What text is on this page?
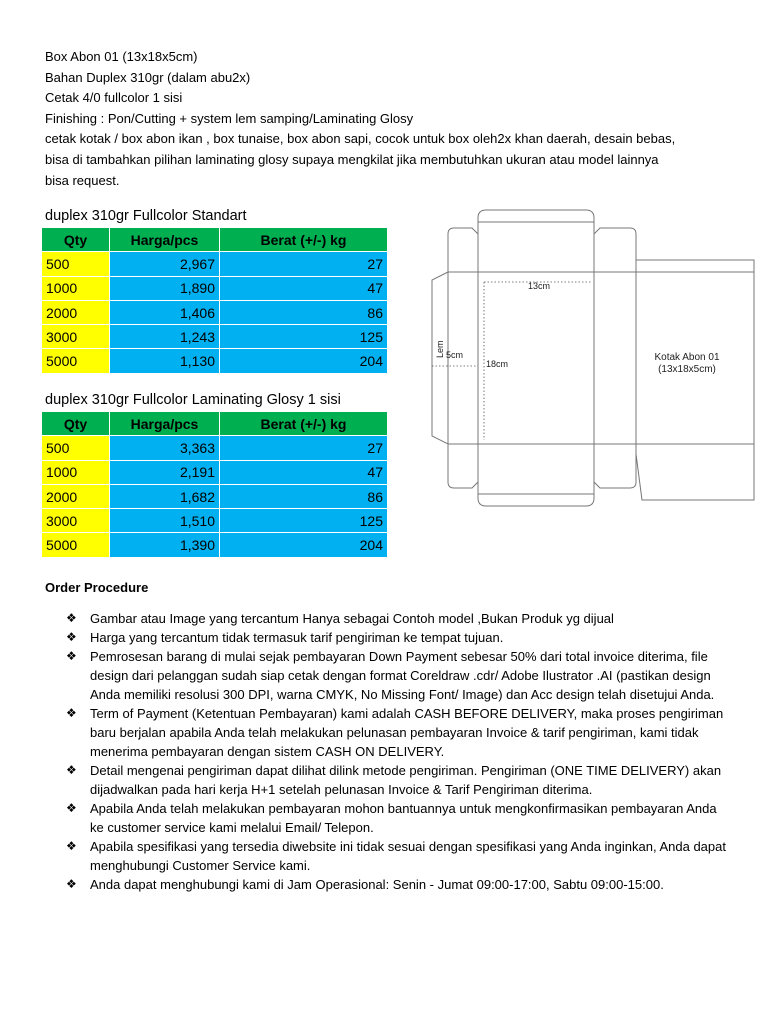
Box Abon 01 (13x18x5cm)

Bahan Duplex 310gr (dalam abu2x)

Cetak 4/0 fullcolor 1 sisi

Finishing : Pon/Cutting + system lem samping/Laminating Glosy

cetak kotak / box abon ikan , box tunaise, box abon sapi, cocok untuk box oleh2x khan daerah, desain bebas,

bisa di tambahkan pilihan laminating glosy supaya mengkilat jika membutuhkan ukuran atau model lainnya

bisa request.

duplex 310gr Fullcolor Standart
Qty	Harga/pcs	Berat (+/-) kg
500	2,967	27
1000	1,890	47
2000	1,406	86
3000	1,243	125
5000	1,130	204
duplex 310gr Fullcolor Laminating Glosy 1 sisi
Qty	Harga/pcs	Berat (+/-) kg
500	3,363	27
1000	2,191	47
2000	1,682	86
3000	1,510	125
5000	1,390	204
Lem
13cm
18cm
5cm	Kotak Abon 01
(13x18x5cm)
Order Procedure
❖ Gambar atau Image yang tercantum Hanya sebagai Contoh model ,Bukan Produk yg dijual
❖ Harga yang tercantum tidak termasuk tarif pengiriman ke tempat tujuan.
❖ Pemrosesan barang di mulai sejak pembayaran Down Payment sebesar 50% dari total invoice diterima, file design dari pelanggan sudah siap cetak dengan format Coreldraw .cdr/ Adobe Ilustrator .AI (pastikan design Anda memiliki resolusi 300 DPI, warna CMYK, No Missing Font/ Image) dan Acc design telah disetujui Anda.
❖ Term of Payment (Ketentuan Pembayaran) kami adalah CASH BEFORE DELIVERY, maka proses pengiriman baru berjalan apabila Anda telah melakukan pelunasan pembayaran Invoice & tarif pengiriman, kami tidak menerima pembayaran dengan sistem CASH ON DELIVERY.
❖ Detail mengenai pengiriman dapat dilihat dilink metode pengiriman. Pengiriman (ONE TIME DELIVERY) akan dijadwalkan pada hari kerja H+1 setelah pelunasan Invoice & Tarif Pengiriman diterima.
❖ Apabila Anda telah melakukan pembayaran mohon bantuannya untuk mengkonfirmasikan pembayaran Anda ke customer service kami melalui Email/ Telepon.
❖ Apabila spesifikasi yang tersedia diwebsite ini tidak sesuai dengan spesifikasi yang Anda inginkan, Anda dapat menghubungi Customer Service kami.
❖ Anda dapat menghubungi kami di Jam Operasional: Senin - Jumat 09:00-17:00, Sabtu 09:00-15:00.
